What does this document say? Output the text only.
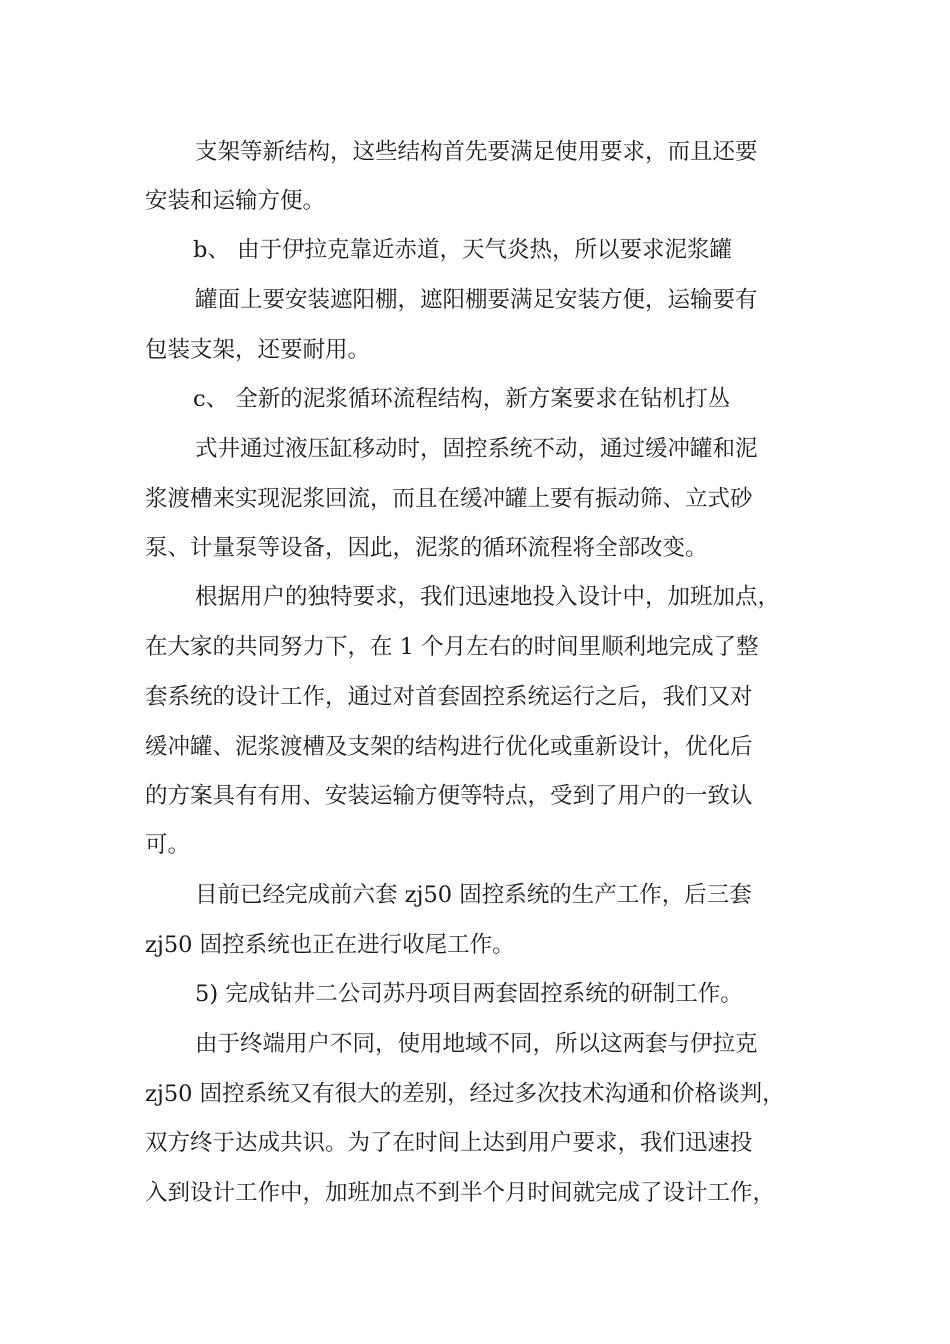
支架等新结构，这些结构首先要满足使用要求，而且还要
安装和运输方便。
b、 由于伊拉克靠近赤道，天气炎热，所以要求泥浆罐
罐面上要安装遮阳棚，遮阳棚要满足安装方便，运输要有
包装支架，还要耐用。
c、 全新的泥浆循环流程结构，新方案要求在钻机打丛
式井通过液压缸移动时，固控系统不动，通过缓冲罐和泥
浆渡槽来实现泥浆回流，而且在缓冲罐上要有振动筛、立式砂
泵、计量泵等设备，因此，泥浆的循环流程将全部改变。
根据用户的独特要求，我们迅速地投入设计中，加班加点，
在大家的共同努力下，在 1 个月左右的时间里顺利地完成了整
套系统的设计工作，通过对首套固控系统运行之后，我们又对
缓冲罐、泥浆渡槽及支架的结构进行优化或重新设计，优化后
的方案具有有用、安装运输方便等特点，受到了用户的一致认
可。
目前已经完成前六套 zj50 固控系统的生产工作，后三套
zj50 固控系统也正在进行收尾工作。
5) 完成钻井二公司苏丹项目两套固控系统的研制工作。
由于终端用户不同，使用地域不同，所以这两套与伊拉克
zj50 固控系统又有很大的差别，经过多次技术沟通和价格谈判，
双方终于达成共识。为了在时间上达到用户要求，我们迅速投
入到设计工作中，加班加点不到半个月时间就完成了设计工作，
